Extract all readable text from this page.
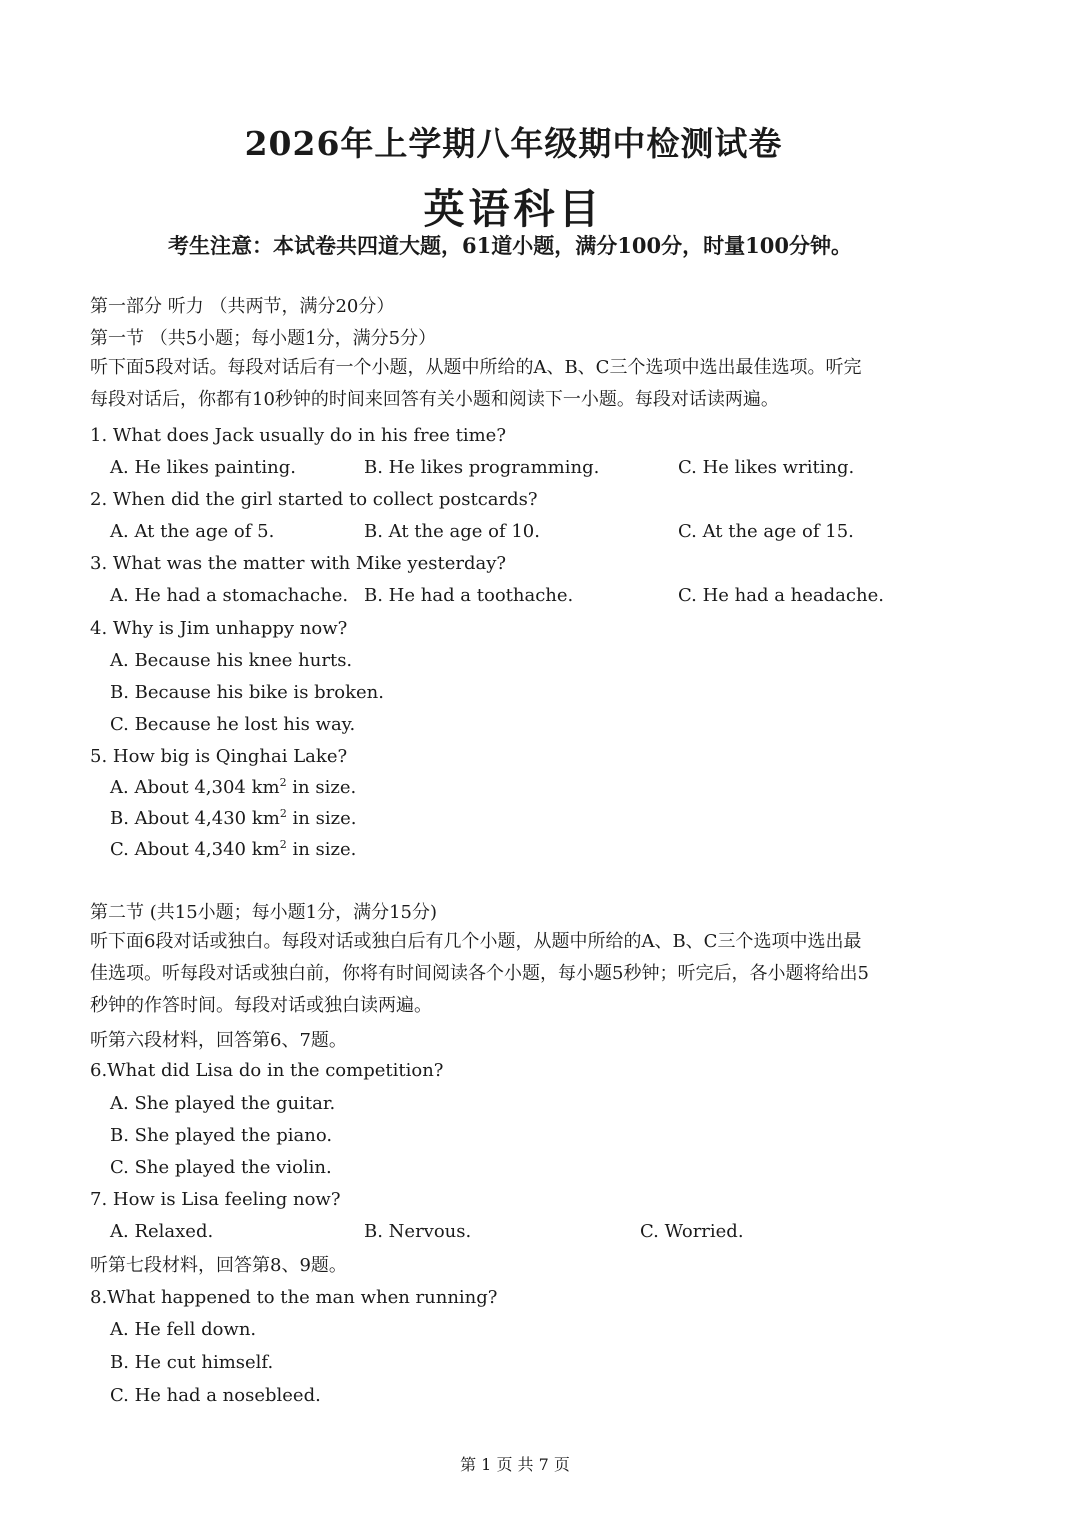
2026年上学期八年级期中检测试卷
英语科目
考生注意：本试卷共四道大题，61道小题，满分100分，时量100分钟。
第一部分 听力 （共两节，满分20分）
第一节 （共5小题；每小题1分，满分5分）
听下面5段对话。每段对话后有一个小题，从题中所给的A、B、C三个选项中选出最佳选项。听完
每段对话后，你都有10秒钟的时间来回答有关小题和阅读下一小题。每段对话读两遍。
1. What does Jack usually do in his free time?
A. He likes painting.	B. He likes programming.	C. He likes writing.
2. When did the girl started to collect postcards?
A. At the age of 5.	B. At the age of 10.	C. At the age of 15.
3. What was the matter with Mike yesterday?
A. He had a stomachache. B. He had a toothache.	C. He had a headache.
4. Why is Jim unhappy now?
A. Because his knee hurts.
B. Because his bike is broken.
C. Because he lost his way.
5. How big is Qinghai Lake?
A. About 4,304 $km^2$ in size.
B. About 4,430 $km^2$ in size.
C. About 4,340 $km^2$ in size.
第二节 (共15小题；每小题1分，满分15分)
听下面6段对话或独白。每段对话或独白后有几个小题，从题中所给的A、B、C三个选项中选出最
佳选项。听每段对话或独白前，你将有时间阅读各个小题，每小题5秒钟；听完后，各小题将给出5
秒钟的作答时间。每段对话或独白读两遍。
听第六段材料，回答第6、7题。
6.What did Lisa do in the competition?
A. She played the guitar.
B. She played the piano.
C. She played the violin.
7. How is Lisa feeling now?
A. Relaxed.	B. Nervous.	C. Worried.
听第七段材料，回答第8、9题。
8.What happened to the man when running?
A. He fell down.
B. He cut himself.
C. He had a nosebleed.
第 1 页 共 7 页
